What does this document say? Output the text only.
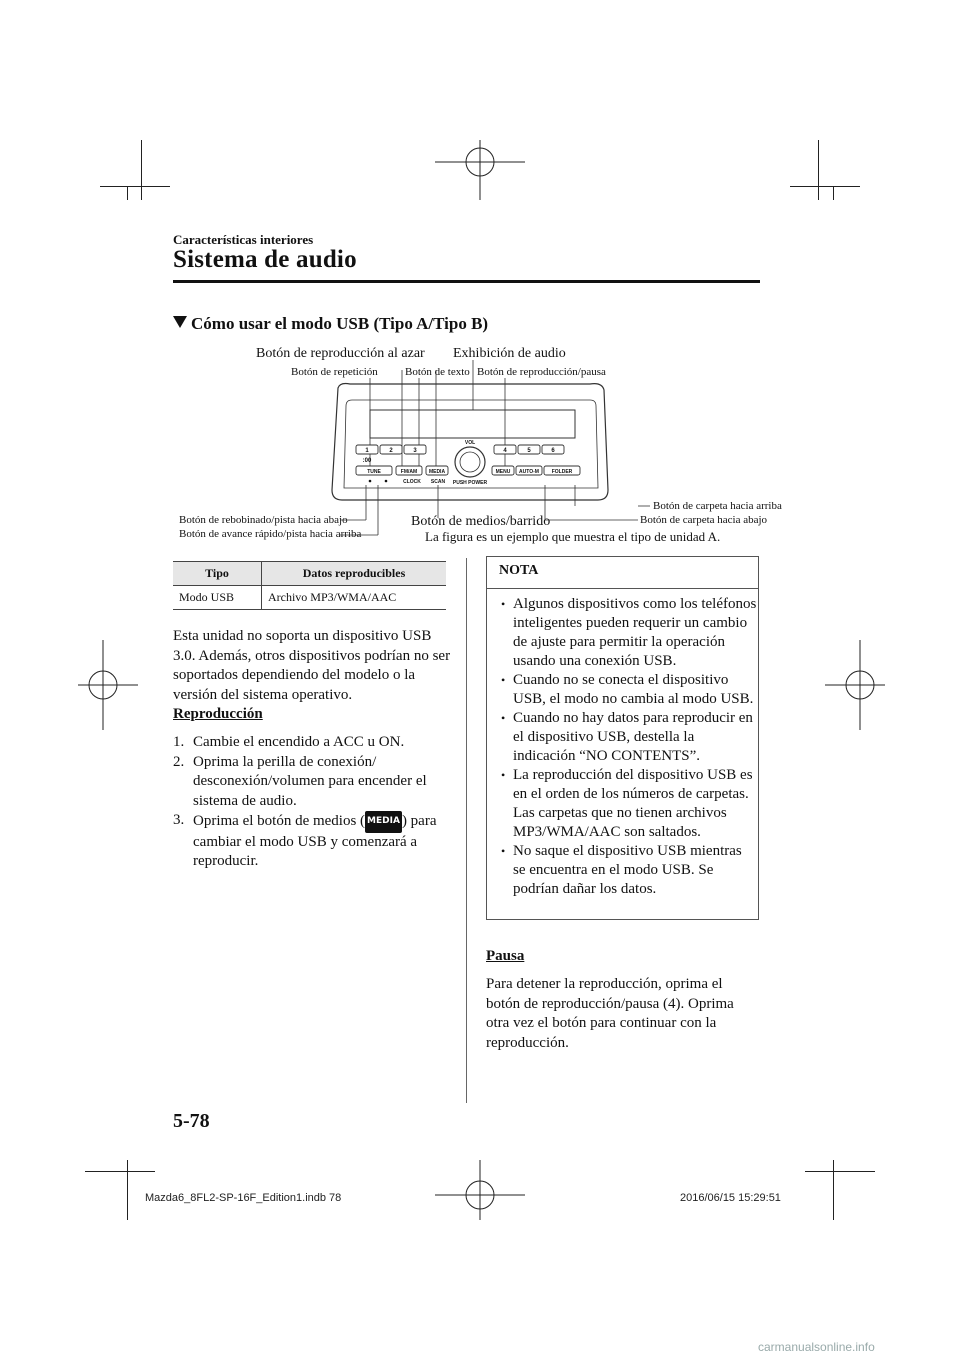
Características interiores
Sistema de audio
Cómo usar el modo USB (Tipo A/Tipo B)
Botón de reproducción al azar Exhibición de audio
Botón de repetición Botón de texto Botón de reproducción/pausa
Botón de carpeta hacia arriba
Botón de rebobinado/pista hacia abajo
Botón de avance rápido/pista hacia arriba
Botón de medios/barrido	Botón de carpeta hacia abajo
La figura es un ejemplo que muestra el tipo de unidad A.
1	2	3	4	5	6
:00
TUNE	FM/AM MEDIA	MENU AUTO-M	FOLDER
CLOCK SCAN
VOL
PUSH POWER
Tipo	Datos reproducibles
Modo USB	Archivo MP3/WMA/AAC
Esta unidad no soporta un dispositivo USB 3.0. Además, otros dispositivos podrían no ser soportados dependiendo del modelo o la versión del sistema operativo.
Reproducción
1. Cambie el encendido a ACC u ON.
2. Oprima la perilla de conexión/ desconexión/volumen para encender el sistema de audio.
3. Oprima el botón de medios ( MEDIA ) para cambiar el modo USB y comenzará a reproducir.
NOTA
• Algunos dispositivos como los teléfonos inteligentes pueden requerir un cambio de ajuste para permitir la operación usando una conexión USB.
• Cuando no se conecta el dispositivo USB, el modo no cambia al modo USB.
• Cuando no hay datos para reproducir en el dispositivo USB, destella la indicación “NO CONTENTS”.
• La reproducción del dispositivo USB es en el orden de los números de carpetas. Las carpetas que no tienen archivos MP3/WMA/AAC son saltados.
• No saque el dispositivo USB mientras se encuentra en el modo USB. Se podrían dañar los datos.
Pausa
Para detener la reproducción, oprima el botón de reproducción/pausa (4). Oprima otra vez el botón para continuar con la reproducción.
5-78
Mazda6_8FL2-SP-16F_Edition1.indb 78	2016/06/15 15:29:51
carmanualsonline.info
